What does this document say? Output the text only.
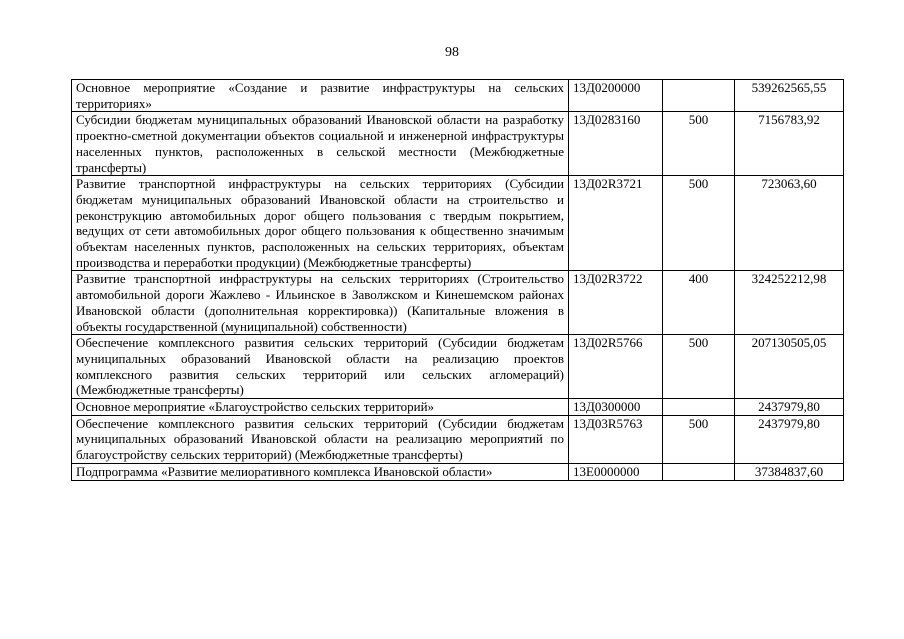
98
Основное мероприятие «Создание и развитие инфраструктуры на сельских территориях»	13Д0200000		539262565,55
Субсидии бюджетам муниципальных образований Ивановской области на разработку проектно-сметной документации объектов социальной и инженерной инфраструктуры населенных пунктов, расположенных в сельской местности (Межбюджетные трансферты)	13Д0283160	500	7156783,92
Развитие транспортной инфраструктуры на сельских территориях (Субсидии бюджетам муниципальных образований Ивановской области на строительство и реконструкцию автомобильных дорог общего пользования с твердым покрытием, ведущих от сети автомобильных дорог общего пользования к общественно значимым объектам населенных пунктов, расположенных на сельских территориях, объектам производства и переработки продукции) (Межбюджетные трансферты)	13Д02R3721	500	723063,60
Развитие транспортной инфраструктуры на сельских территориях (Строительство автомобильной дороги Жажлево - Ильинское в Заволжском и Кинешемском районах Ивановской области (дополнительная корректировка)) (Капитальные вложения в объекты государственной (муниципальной) собственности)	13Д02R3722	400	324252212,98
Обеспечение комплексного развития сельских территорий (Субсидии бюджетам муниципальных образований Ивановской области на реализацию проектов комплексного развития сельских территорий или сельских агломераций) (Межбюджетные трансферты)	13Д02R5766	500	207130505,05
Основное мероприятие «Благоустройство сельских территорий»	13Д0300000		2437979,80
Обеспечение комплексного развития сельских территорий (Субсидии бюджетам муниципальных образований Ивановской области на реализацию мероприятий по благоустройству сельских территорий) (Межбюджетные трансферты)	13Д03R5763	500	2437979,80
Подпрограмма «Развитие мелиоративного комплекса Ивановской области»	13Е0000000		37384837,60
